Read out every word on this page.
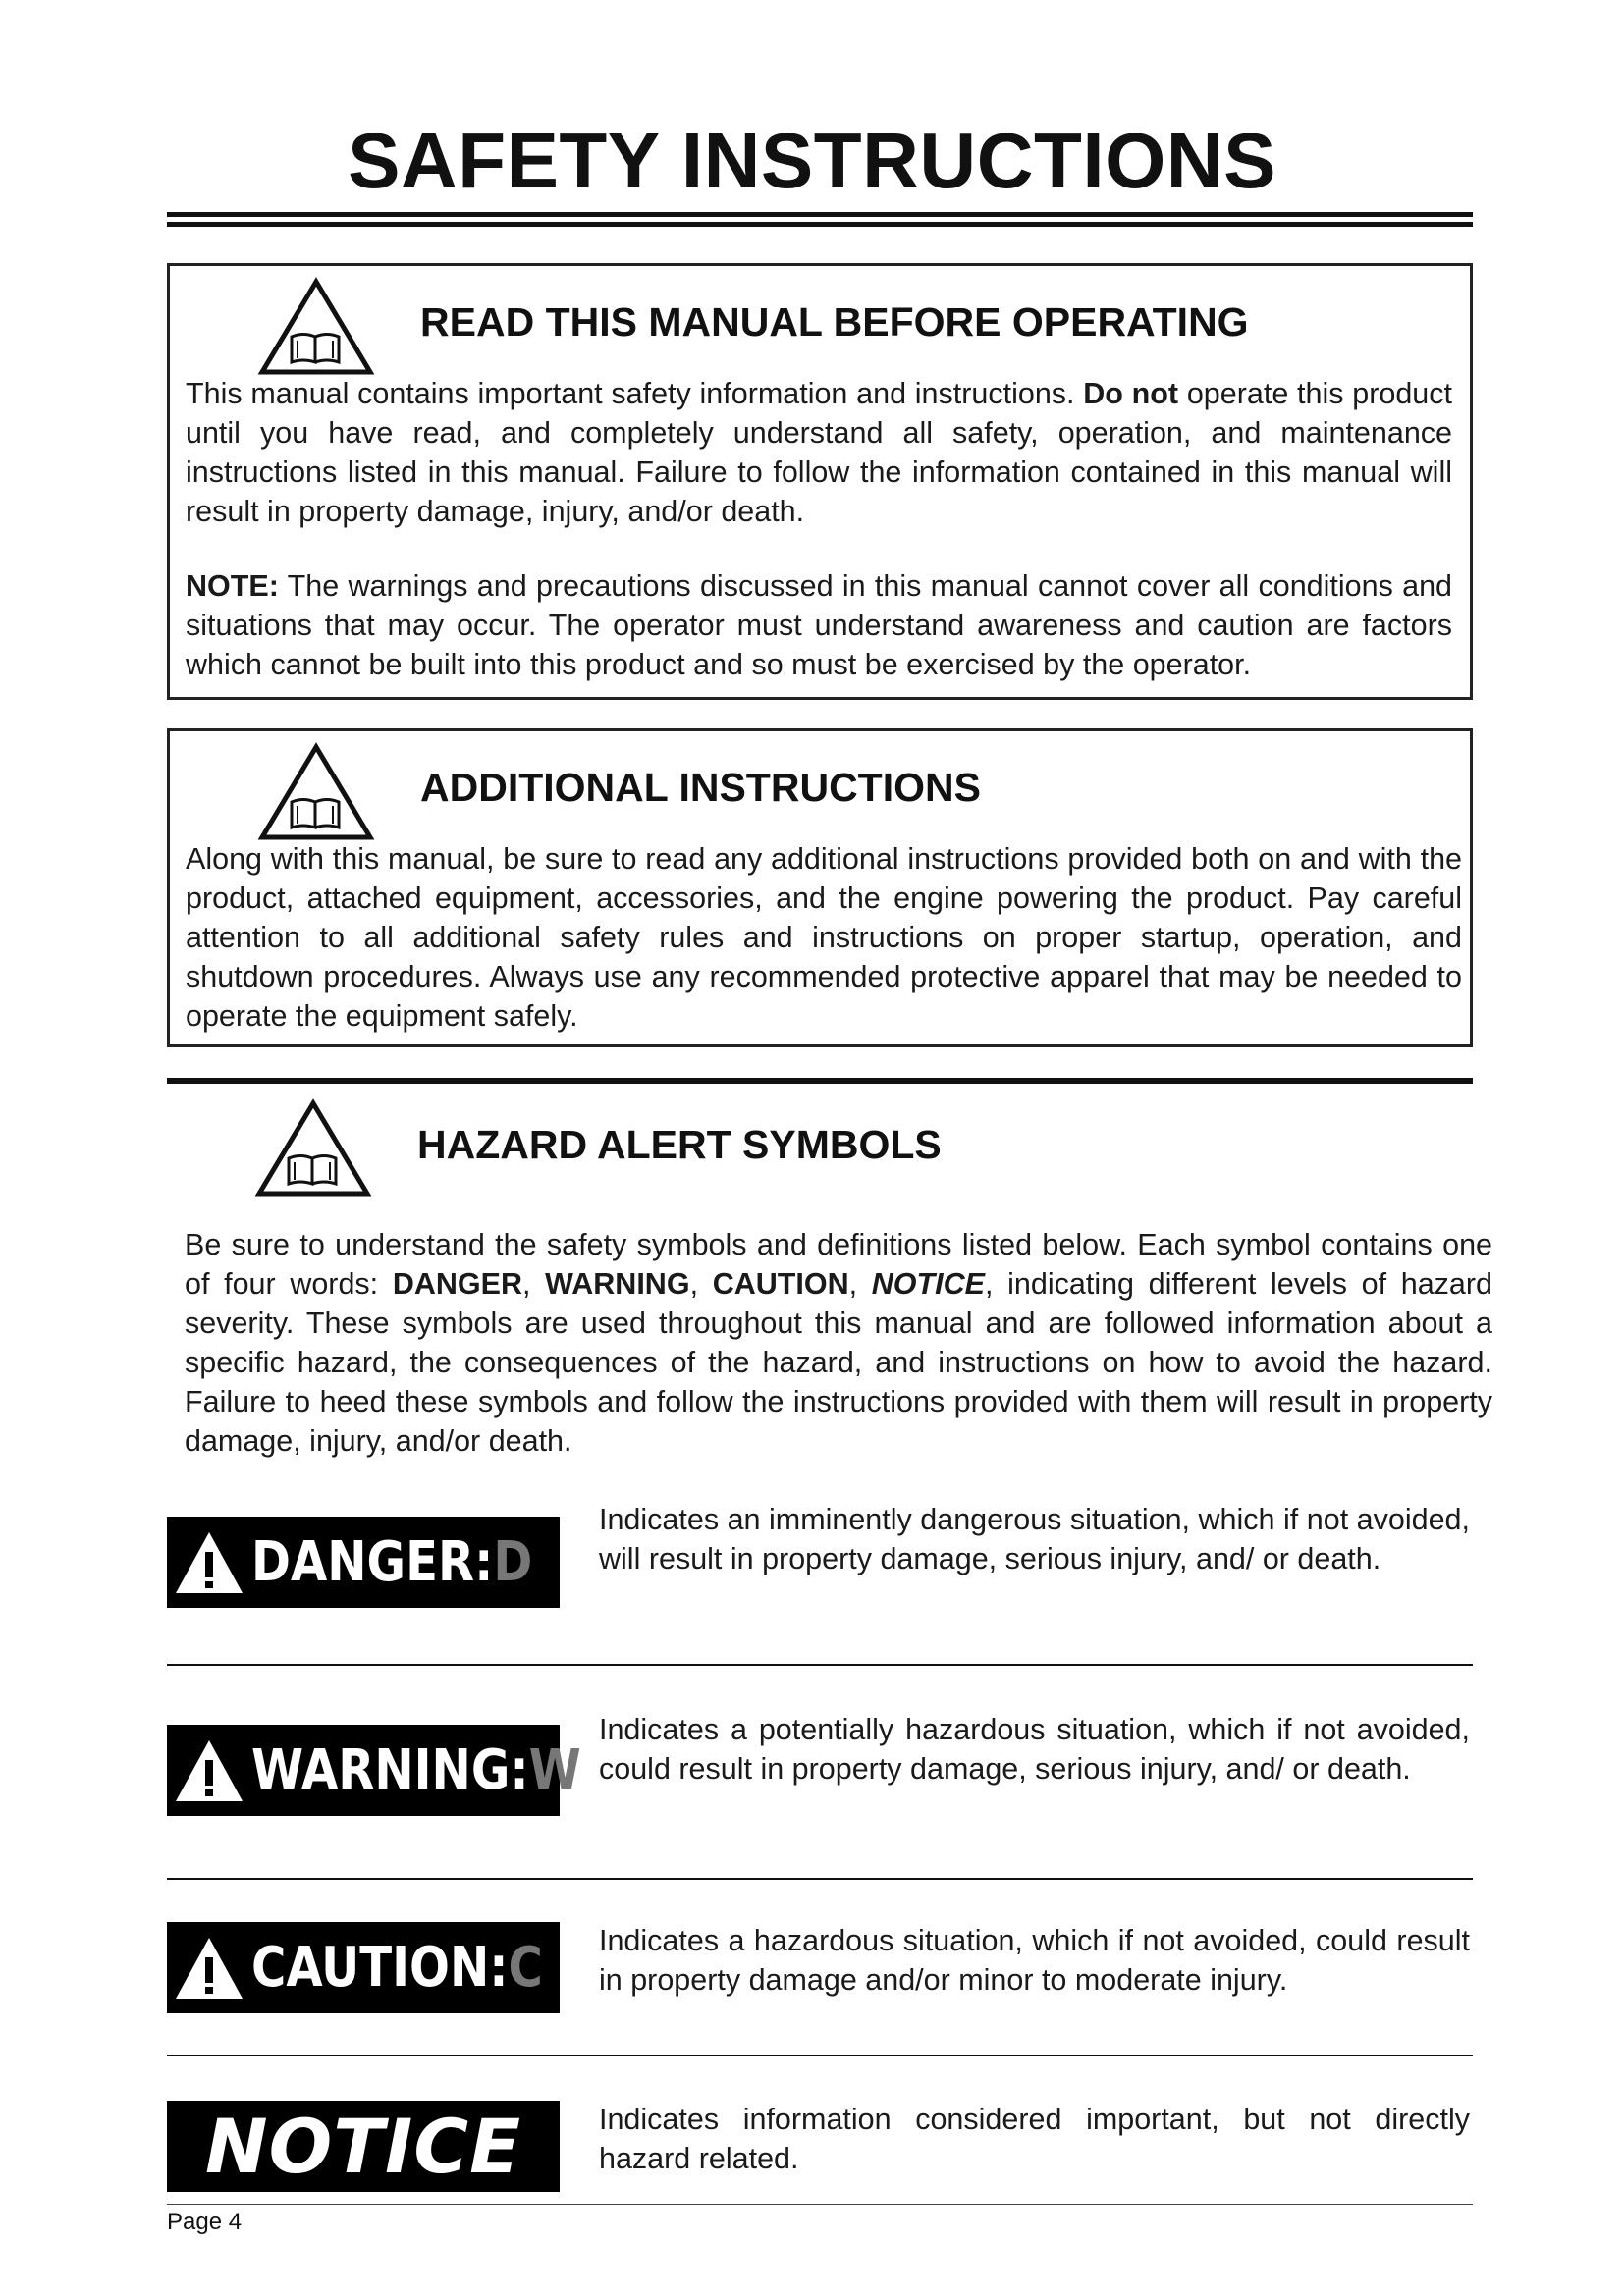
SAFETY INSTRUCTIONS
READ THIS MANUAL BEFORE OPERATING
This manual contains important safety information and instructions. Do not operate this product until you have read, and completely understand all safety, operation, and maintenance instructions listed in this manual. Failure to follow the information contained in this manual will result in property damage, injury, and/or death.
NOTE: The warnings and precautions discussed in this manual cannot cover all conditions and situations that may occur. The operator must understand awareness and caution are factors which cannot be built into this product and so must be exercised by the operator.
ADDITIONAL INSTRUCTIONS
Along with this manual, be sure to read any additional instructions provided both on and with the product, attached equipment, accessories, and the engine powering the product. Pay careful attention to all additional safety rules and instructions on proper startup, operation, and shutdown procedures. Always use any recommended protective apparel that may be needed to operate the equipment safely.
HAZARD ALERT SYMBOLS
Be sure to understand the safety symbols and definitions listed below. Each symbol contains one of four words: DANGER, WARNING, CAUTION, NOTICE, indicating different levels of hazard severity. These symbols are used throughout this manual and are followed information about a specific hazard, the consequences of the hazard, and instructions on how to avoid the hazard. Failure to heed these symbols and follow the instructions provided with them will result in property damage, injury, and/or death.
DANGER:D
Indicates an imminently dangerous situation, which if not avoided, will result in property damage, serious injury, and/ or death.
WARNING:W
Indicates a potentially hazardous situation, which if not avoided, could result in property damage, serious injury, and/ or death.
CAUTION:C Indicates a hazardous situation, which if not avoided, could result in property damage and/or minor to moderate injury.
NOTICE	Indicates information considered important, but not directly hazard related.
Page 4
